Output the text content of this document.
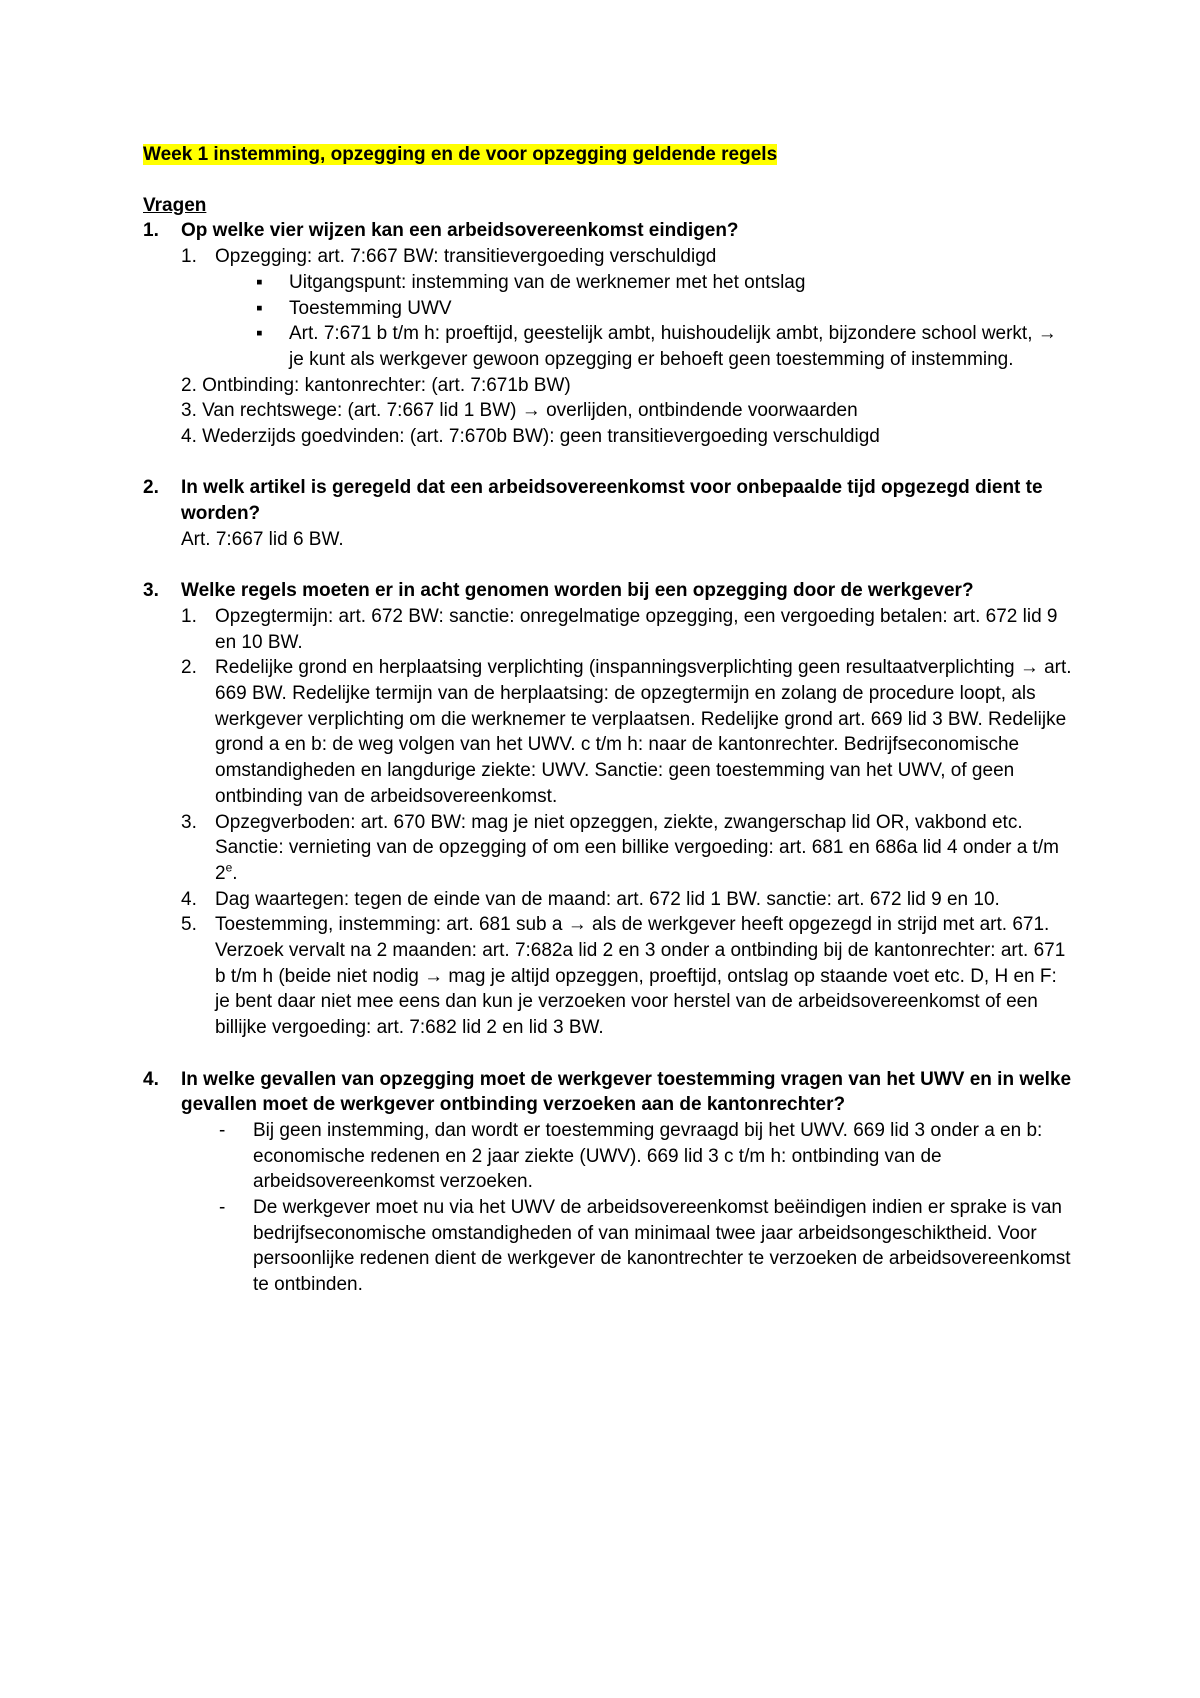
Week 1 instemming, opzegging en de voor opzegging geldende regels
Vragen
1. Op welke vier wijzen kan een arbeidsovereenkomst eindigen?
1. Opzegging: art. 7:667 BW: transitievergoeding verschuldigd
▪ Uitgangspunt: instemming van de werknemer met het ontslag
▪ Toestemming UWV
▪ Art. 7:671 b t/m h: proeftijd, geestelijk ambt, huishoudelijk ambt, bijzondere school werkt, → je kunt als werkgever gewoon opzegging er behoeft geen toestemming of instemming.
2. Ontbinding: kantonrechter: (art. 7:671b BW)
3. Van rechtswege: (art. 7:667 lid 1 BW) → overlijden, ontbindende voorwaarden
4. Wederzijds goedvinden: (art. 7:670b BW): geen transitievergoeding verschuldigd
2. In welk artikel is geregeld dat een arbeidsovereenkomst voor onbepaalde tijd opgezegd dient te worden?
Art. 7:667 lid 6 BW.
3. Welke regels moeten er in acht genomen worden bij een opzegging door de werkgever?
1. Opzegtermijn: art. 672 BW: sanctie: onregelmatige opzegging, een vergoeding betalen: art. 672 lid 9 en 10 BW.
2. Redelijke grond en herplaatsing verplichting (inspanningsverplichting geen resultaatverplichting → art. 669 BW. Redelijke termijn van de herplaatsing: de opzegtermijn en zolang de procedure loopt, als werkgever verplichting om die werknemer te verplaatsen. Redelijke grond art. 669 lid 3 BW. Redelijke grond a en b: de weg volgen van het UWV. c t/m h: naar de kantonrechter. Bedrijfseconomische omstandigheden en langdurige ziekte: UWV. Sanctie: geen toestemming van het UWV, of geen ontbinding van de arbeidsovereenkomst.
3. Opzegverboden: art. 670 BW: mag je niet opzeggen, ziekte, zwangerschap lid OR, vakbond etc. Sanctie: vernieting van de opzegging of om een billike vergoeding: art. 681 en 686a lid 4 onder a t/m 2e.
4. Dag waartegen: tegen de einde van de maand: art. 672 lid 1 BW. sanctie: art. 672 lid 9 en 10.
5. Toestemming, instemming: art. 681 sub a → als de werkgever heeft opgezegd in strijd met art. 671. Verzoek vervalt na 2 maanden: art. 7:682a lid 2 en 3 onder a ontbinding bij de kantonrechter: art. 671 b t/m h (beide niet nodig → mag je altijd opzeggen, proeftijd, ontslag op staande voet etc. D, H en F: je bent daar niet mee eens dan kun je verzoeken voor herstel van de arbeidsovereenkomst of een billijke vergoeding: art. 7:682 lid 2 en lid 3 BW.
4. In welke gevallen van opzegging moet de werkgever toestemming vragen van het UWV en in welke gevallen moet de werkgever ontbinding verzoeken aan de kantonrechter?
- Bij geen instemming, dan wordt er toestemming gevraagd bij het UWV. 669 lid 3 onder a en b: economische redenen en 2 jaar ziekte (UWV). 669 lid 3 c t/m h: ontbinding van de arbeidsovereenkomst verzoeken.
- De werkgever moet nu via het UWV de arbeidsovereenkomst beëindigen indien er sprake is van bedrijfseconomische omstandigheden of van minimaal twee jaar arbeidsongeschiktheid. Voor persoonlijke redenen dient de werkgever de kanontrechter te verzoeken de arbeidsovereenkomst te ontbinden.
